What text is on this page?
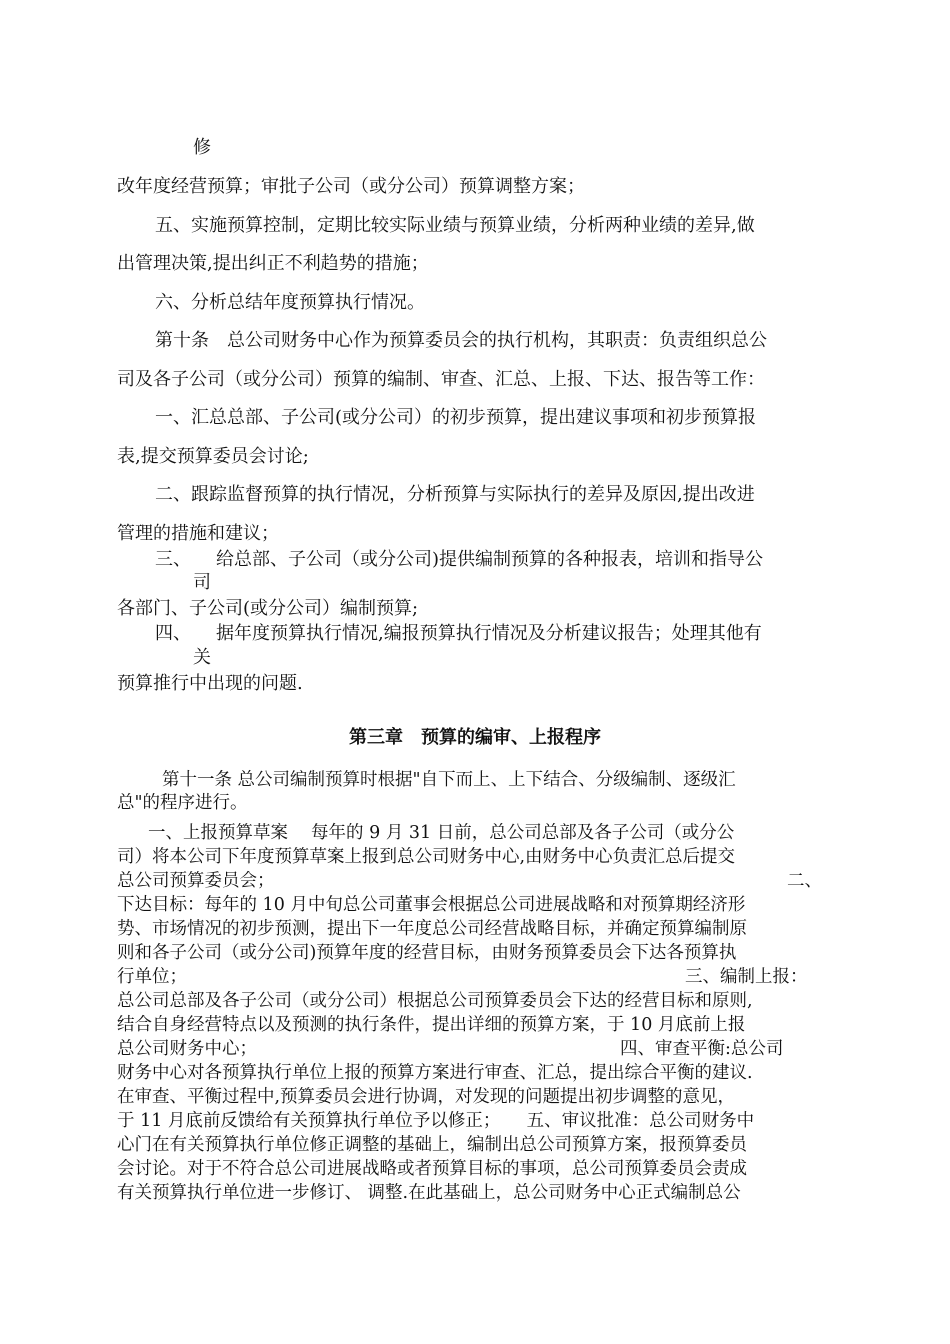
修
改年度经营预算；审批子公司（或分公司）预算调整方案；
五、实施预算控制，定期比较实际业绩与预算业绩，分析两种业绩的差异,做
出管理决策,提出纠正不利趋势的措施；
六、分析总结年度预算执行情况。
第十条　总公司财务中心作为预算委员会的执行机构，其职责：负责组织总公
司及各子公司（或分公司）预算的编制、审查、汇总、上报、下达、报告等工作：
一、汇总总部、子公司(或分公司）的初步预算，提出建议事项和初步预算报
表,提交预算委员会讨论;
二、跟踪监督预算的执行情况，分析预算与实际执行的差异及原因,提出改进
管理的措施和建议；
三、 给总部、子公司（或分公司)提供编制预算的各种报表，培训和指导公
司
各部门、子公司(或分公司）编制预算;
四、 据年度预算执行情况,编报预算执行情况及分析建议报告；处理其他有
关
预算推行中出现的问题.
第三章　预算的编审、上报程序
第十一条 总公司编制预算时根据"自下而上、上下结合、分级编制、逐级汇
总"的程序进行。
一、上报预算草案　 每年的 9 月 31 日前，总公司总部及各子公司（或分公
司）将本公司下年度预算草案上报到总公司财务中心,由财务中心负责汇总后提交
总公司预算委员会；	二、
下达目标：每年的 10 月中旬总公司董事会根据总公司进展战略和对预算期经济形
势、市场情况的初步预测，提出下一年度总公司经营战略目标，并确定预算编制原
则和各子公司（或分公司)预算年度的经营目标，由财务预算委员会下达各预算执
行单位；	三、编制上报：
总公司总部及各子公司（或分公司）根据总公司预算委员会下达的经营目标和原则,
结合自身经营特点以及预测的执行条件，提出详细的预算方案，于 10 月底前上报
总公司财务中心；	四、审查平衡:总公司
财务中心对各预算执行单位上报的预算方案进行审查、汇总，提出综合平衡的建议.
在审查、平衡过程中,预算委员会进行协调，对发现的问题提出初步调整的意见，
于 11 月底前反馈给有关预算执行单位予以修正；　　五、审议批准：总公司财务中
心门在有关预算执行单位修正调整的基础上，编制出总公司预算方案，报预算委员
会讨论。对于不符合总公司进展战略或者预算目标的事项，总公司预算委员会责成
有关预算执行单位进一步修订、 调整.在此基础上，总公司财务中心正式编制总公
